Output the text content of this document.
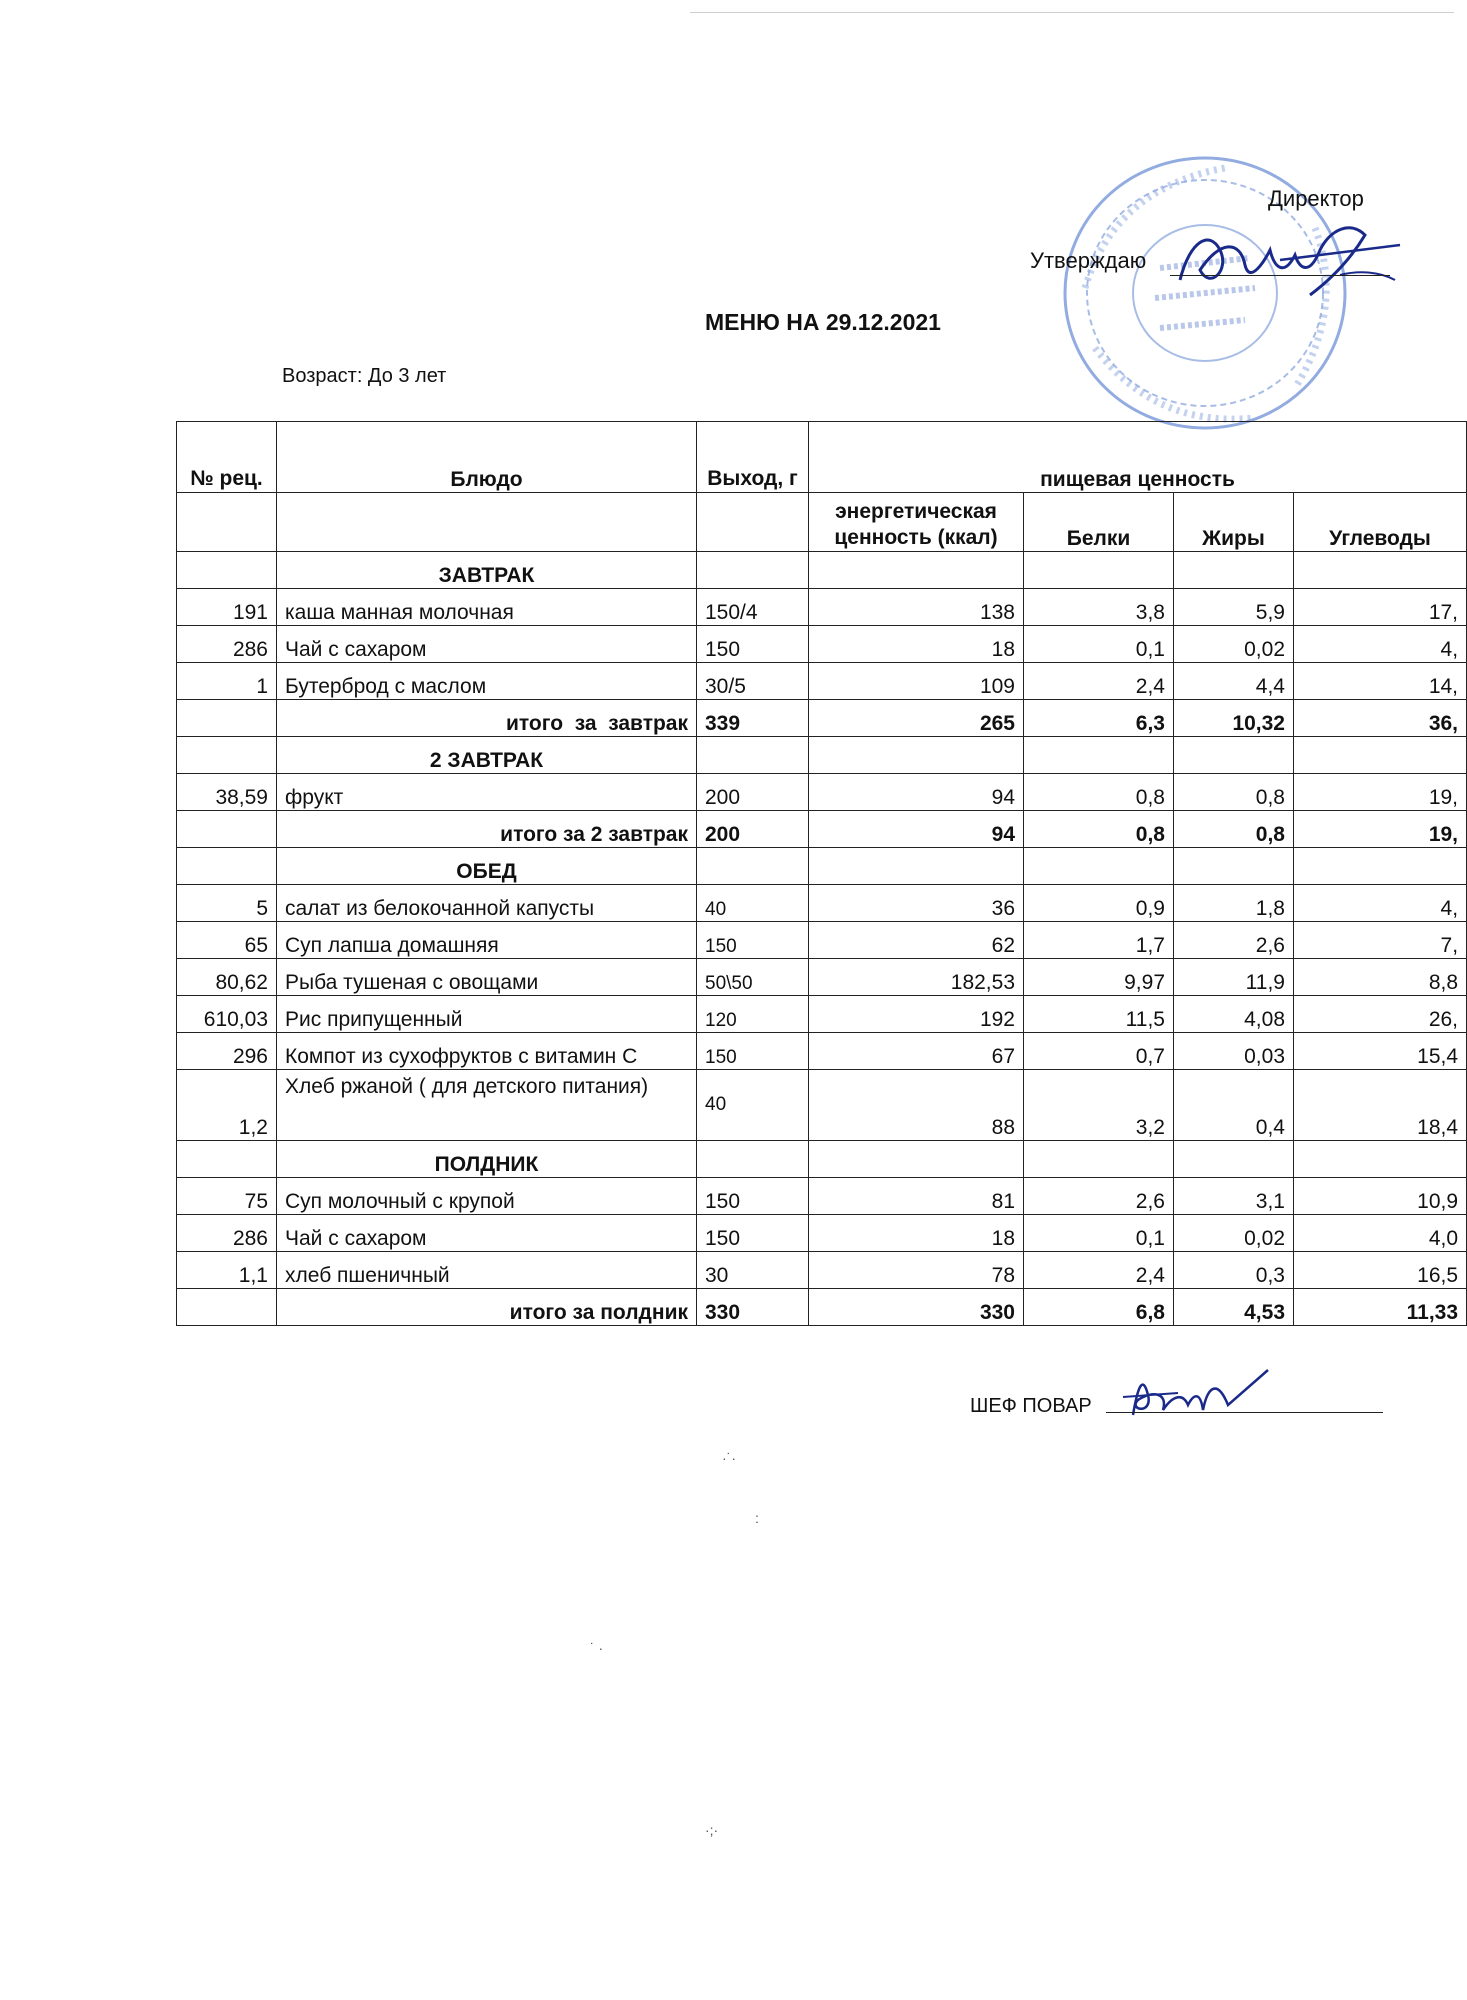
Директор
Утверждаю
МЕНЮ НА 29.12.2021
Возраст: До 3 лет
№ рец.	Блюдо	Выход, г	пищевая ценность			
			энергетическая ценность (ккал)	Белки	Жиры	Углеводы
	ЗАВТРАК					
191	каша манная молочная	150/4	138	3,8	5,9	17,
286	Чай с сахаром	150	18	0,1	0,02	4,
1	Бутерброд с маслом	30/5	109	2,4	4,4	14,
	итого  за  завтрак	339	265	6,3	10,32	36,
	2 ЗАВТРАК					
38,59	фрукт	200	94	0,8	0,8	19,
	итого за 2 завтрак	200	94	0,8	0,8	19,
	ОБЕД					
5	салат из белокочанной капусты	40	36	0,9	1,8	4,
65	Суп лапша домашняя	150	62	1,7	2,6	7,
80,62	Рыба тушеная с овощами	50\50	182,53	9,97	11,9	8,8
610,03	Рис припущенный	120	192	11,5	4,08	26,
296	Компот из сухофруктов с витамин С	150	67	0,7	0,03	15,4
1,2	Хлеб ржаной ( для детского питания)	40	88	3,2	0,4	18,4
	ПОЛДНИК					
75	Суп молочный с крупой	150	81	2,6	3,1	10,9
286	Чай с сахаром	150	18	0,1	0,02	4,0
1,1	хлеб пшеничный	30	78	2,4	0,3	16,5
	итого за полдник	330	330	6,8	4,53	11,33
ШЕФ ПОВАР
·˙·
:
˙ ·
·;·
